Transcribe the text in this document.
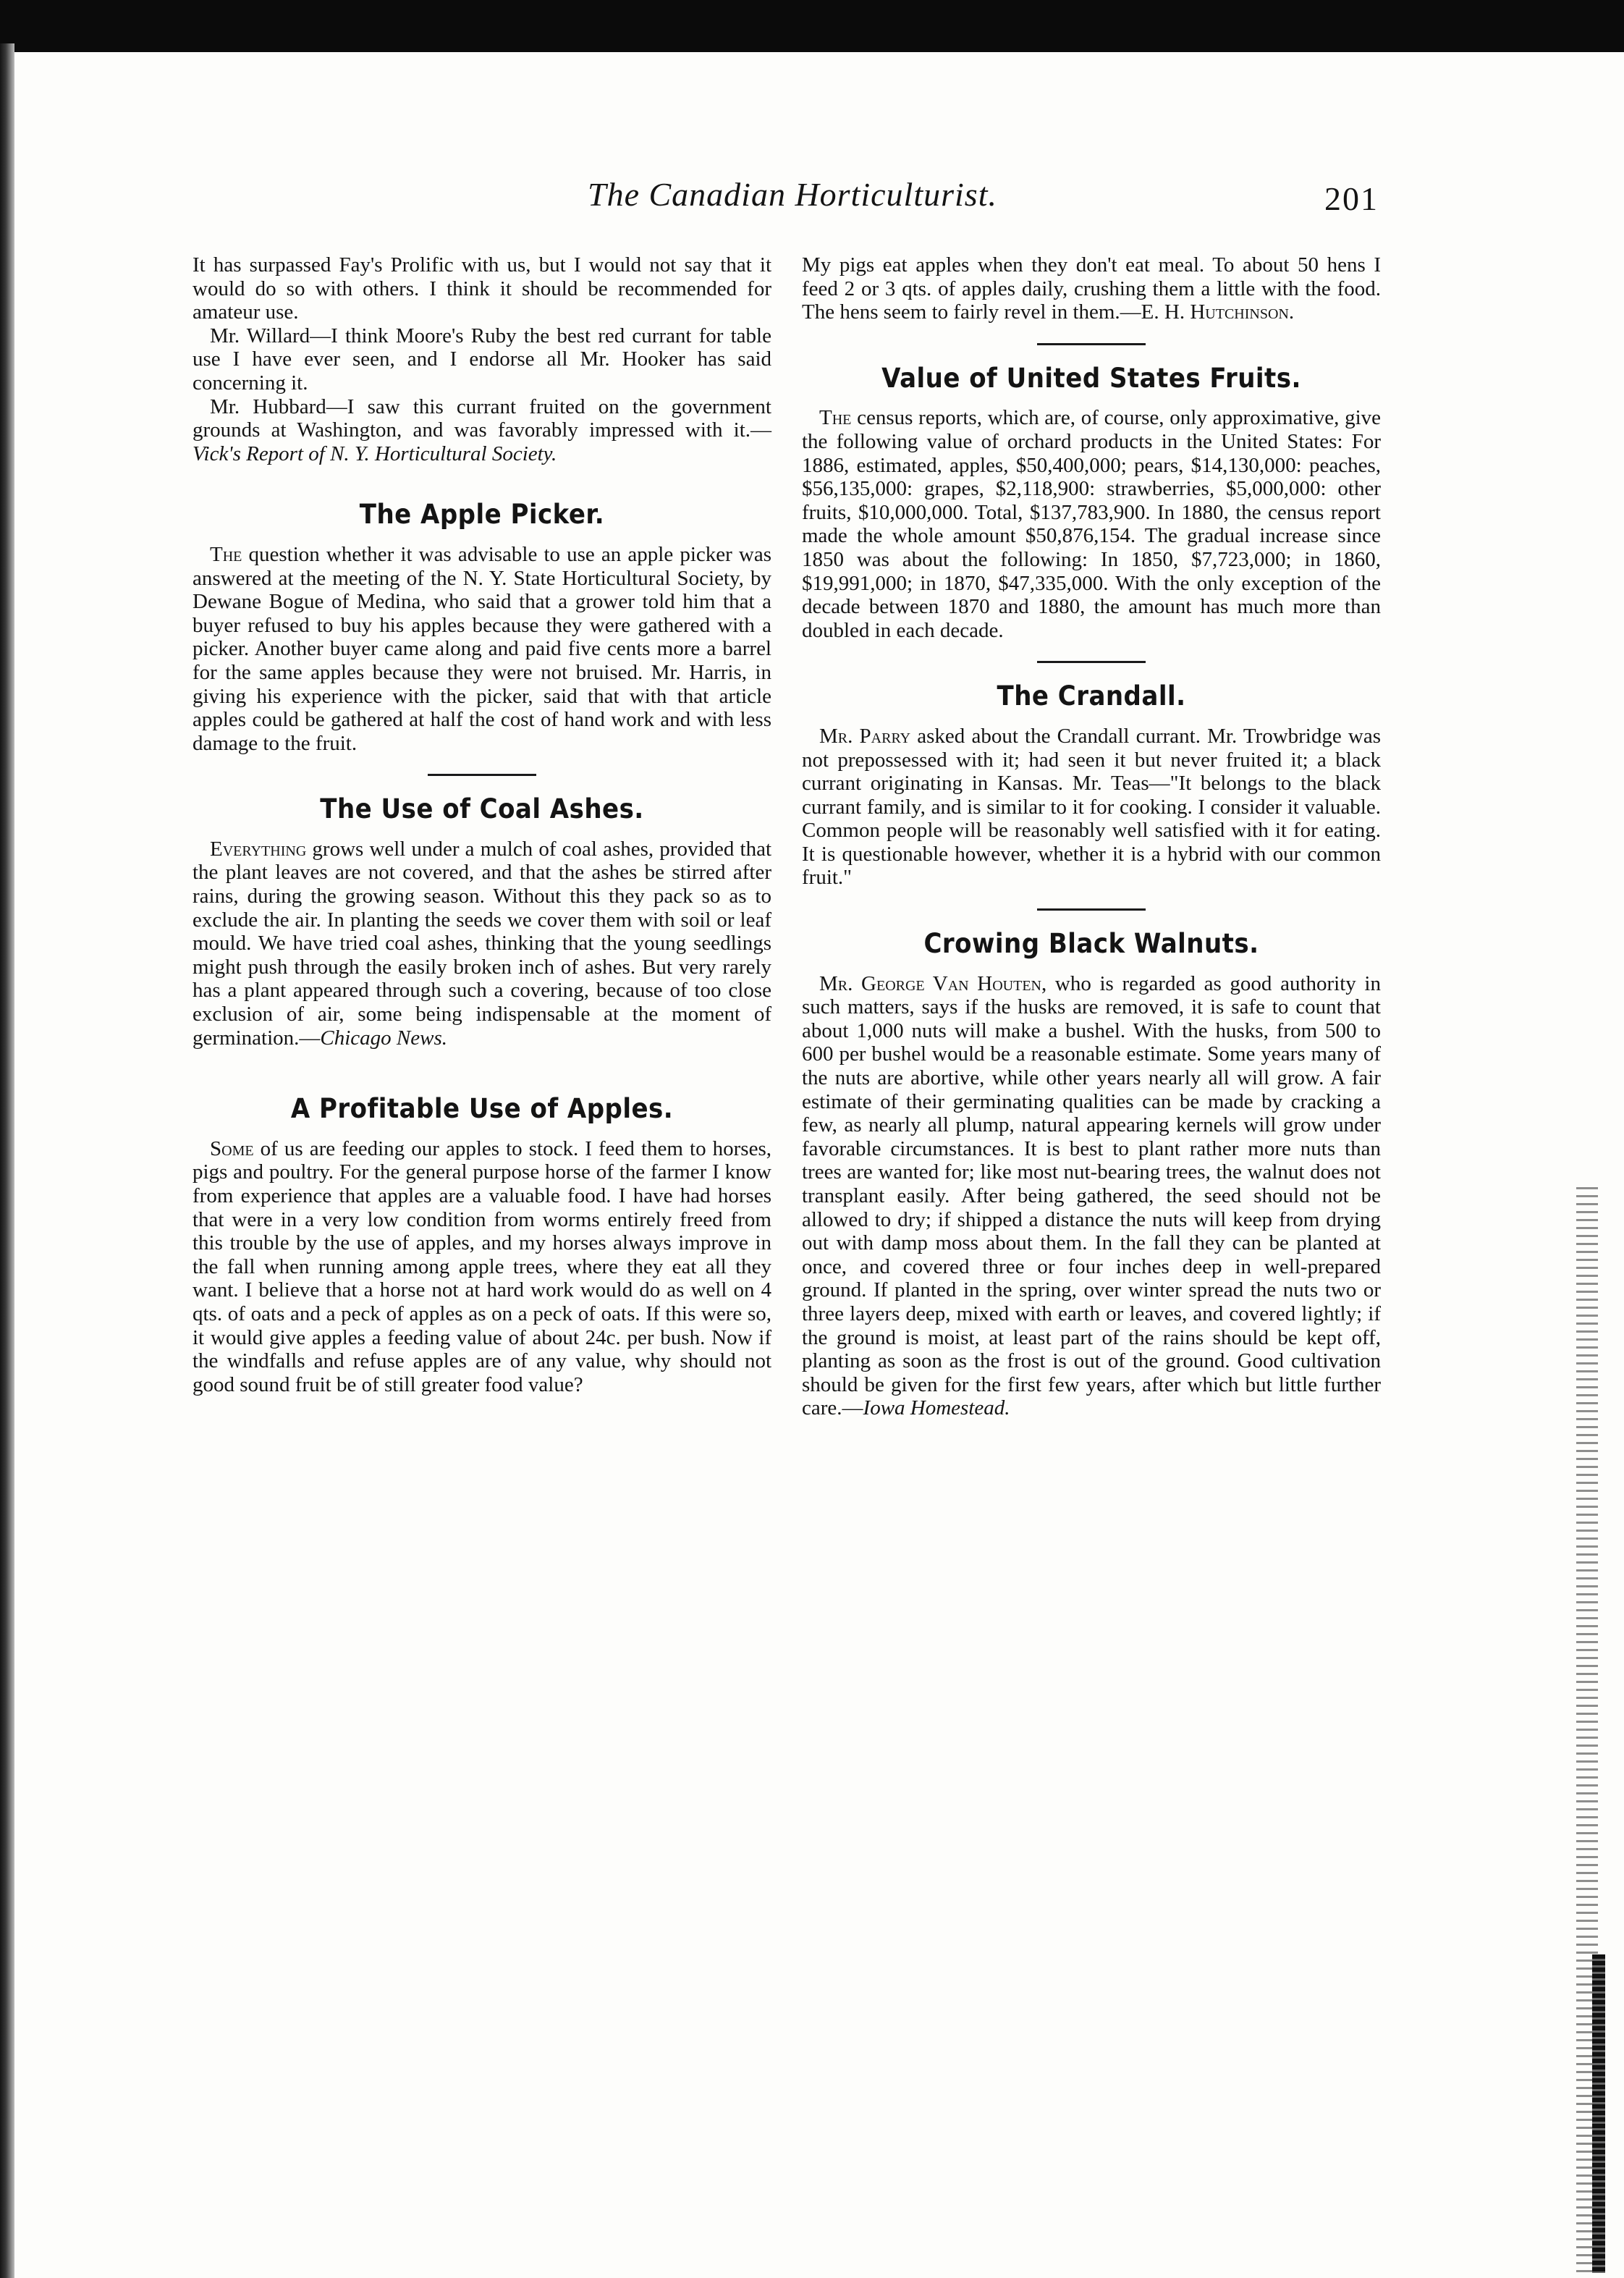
The Canadian Horticulturist.	201

It has surpassed Fay's Prolific with us, but I would not say that it would do so with others. I think it should be recommended for amateur use.

Mr. Willard—I think Moore's Ruby the best red currant for table use I have ever seen, and I endorse all Mr. Hooker has said concerning it.

Mr. Hubbard—I saw this currant fruited on the government grounds at Washington, and was favorably impressed with it.—Vick's Report of N. Y. Horticultural Society.

The Apple Picker.

The question whether it was advisable to use an apple picker was answered at the meeting of the N. Y. State Horticultural Society, by Dewane Bogue of Medina, who said that a grower told him that a buyer refused to buy his apples because they were gathered with a picker. Another buyer came along and paid five cents more a barrel for the same apples because they were not bruised. Mr. Harris, in giving his experience with the picker, said that with that article apples could be gathered at half the cost of hand work and with less damage to the fruit.

The Use of Coal Ashes.

Everything grows well under a mulch of coal ashes, provided that the plant leaves are not covered, and that the ashes be stirred after rains, during the growing season. Without this they pack so as to exclude the air. In planting the seeds we cover them with soil or leaf mould. We have tried coal ashes, thinking that the young seedlings might push through the easily broken inch of ashes. But very rarely has a plant appeared through such a covering, because of too close exclusion of air, some being indispensable at the moment of germination.—Chicago News.

A Profitable Use of Apples.

Some of us are feeding our apples to stock. I feed them to horses, pigs and poultry. For the general purpose horse of the farmer I know from experience that apples are a valuable food. I have had horses that were in a very low condition from worms entirely freed from this trouble by the use of apples, and my horses always improve in the fall when running among apple trees, where they eat all they want. I believe that a horse not at hard work would do as well on 4 qts. of oats and a peck of apples as on a peck of oats. If this were so, it would give apples a feeding value of about 24c. per bush. Now if the windfalls and refuse apples are of any value, why should not good sound fruit be of still greater food value?

My pigs eat apples when they don't eat meal. To about 50 hens I feed 2 or 3 qts. of apples daily, crushing them a little with the food. The hens seem to fairly revel in them.—E. H. Hutchinson.

Value of United States Fruits.

The census reports, which are, of course, only approximative, give the following value of orchard products in the United States: For 1886, estimated, apples, $50,400,000; pears, $14,130,000: peaches, $56,135,000: grapes, $2,118,900: strawberries, $5,000,000: other fruits, $10,000,000. Total, $137,783,900. In 1880, the census report made the whole amount $50,876,154. The gradual increase since 1850 was about the following: In 1850, $7,723,000; in 1860, $19,991,000; in 1870, $47,335,000. With the only exception of the decade between 1870 and 1880, the amount has much more than doubled in each decade.

The Crandall.

Mr. Parry asked about the Crandall currant. Mr. Trowbridge was not prepossessed with it; had seen it but never fruited it; a black currant originating in Kansas. Mr. Teas—"It belongs to the black currant family, and is similar to it for cooking. I consider it valuable. Common people will be reasonably well satisfied with it for eating. It is questionable however, whether it is a hybrid with our common fruit."

Crowing Black Walnuts.

Mr. George Van Houten, who is regarded as good authority in such matters, says if the husks are removed, it is safe to count that about 1,000 nuts will make a bushel. With the husks, from 500 to 600 per bushel would be a reasonable estimate. Some years many of the nuts are abortive, while other years nearly all will grow. A fair estimate of their germinating qualities can be made by cracking a few, as nearly all plump, natural appearing kernels will grow under favorable circumstances. It is best to plant rather more nuts than trees are wanted for; like most nut-bearing trees, the walnut does not transplant easily. After being gathered, the seed should not be allowed to dry; if shipped a distance the nuts will keep from drying out with damp moss about them. In the fall they can be planted at once, and covered three or four inches deep in well-prepared ground. If planted in the spring, over winter spread the nuts two or three layers deep, mixed with earth or leaves, and covered lightly; if the ground is moist, at least part of the rains should be kept off, planting as soon as the frost is out of the ground. Good cultivation should be given for the first few years, after which but little further care.—Iowa Homestead.
